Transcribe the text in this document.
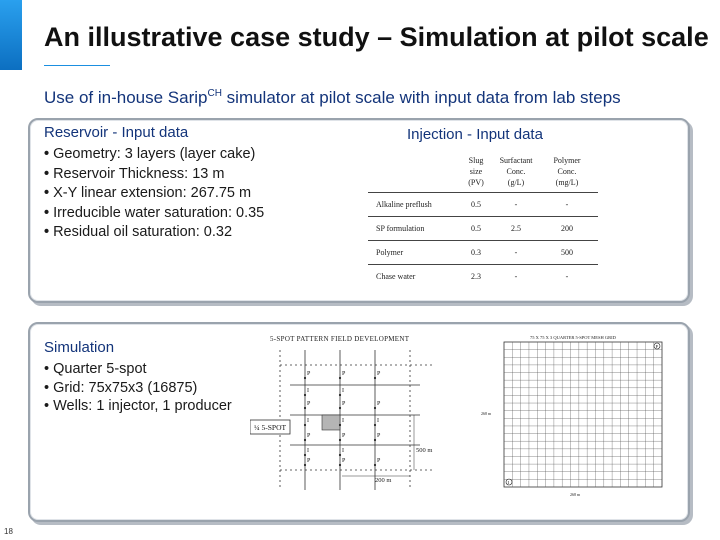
An illustrative case study – Simulation at pilot scale
Use of in-house Sarip$^{CH}$ simulator at pilot scale with input data from lab steps
Reservoir - Input data
• Geometry: 3 layers (layer cake)
• Reservoir Thickness: 13 m
• X-Y linear extension: 267.75 m
• Irreducible water saturation: 0.35
• Residual oil saturation: 0.32
Injection - Input data
	Slug
size
(PV)	Surfactant
Conc.
(g/L)	Polymer
Conc.
(mg/L)
Alkaline preflush	0.5	-	-
SP formulation	0.5	2.5	200
Polymer	0.3	-	500
Chase water	2.3	-	-
Simulation
• Quarter 5-spot
• Grid: 75x75x3 (16875)
• Wells: 1 injector, 1 producer
5-SPOT PATTERN FIELD DEVELOPMENT
P	P	P
I	I
P	P	P
I	I	I
P	P	P
I	I
P	P	P
¼ 5-SPOT
500 m
200 m
75 X 75 X 3 QUARTER 5-SPOT MESH GRID
I
P
268 m
268 m
18
